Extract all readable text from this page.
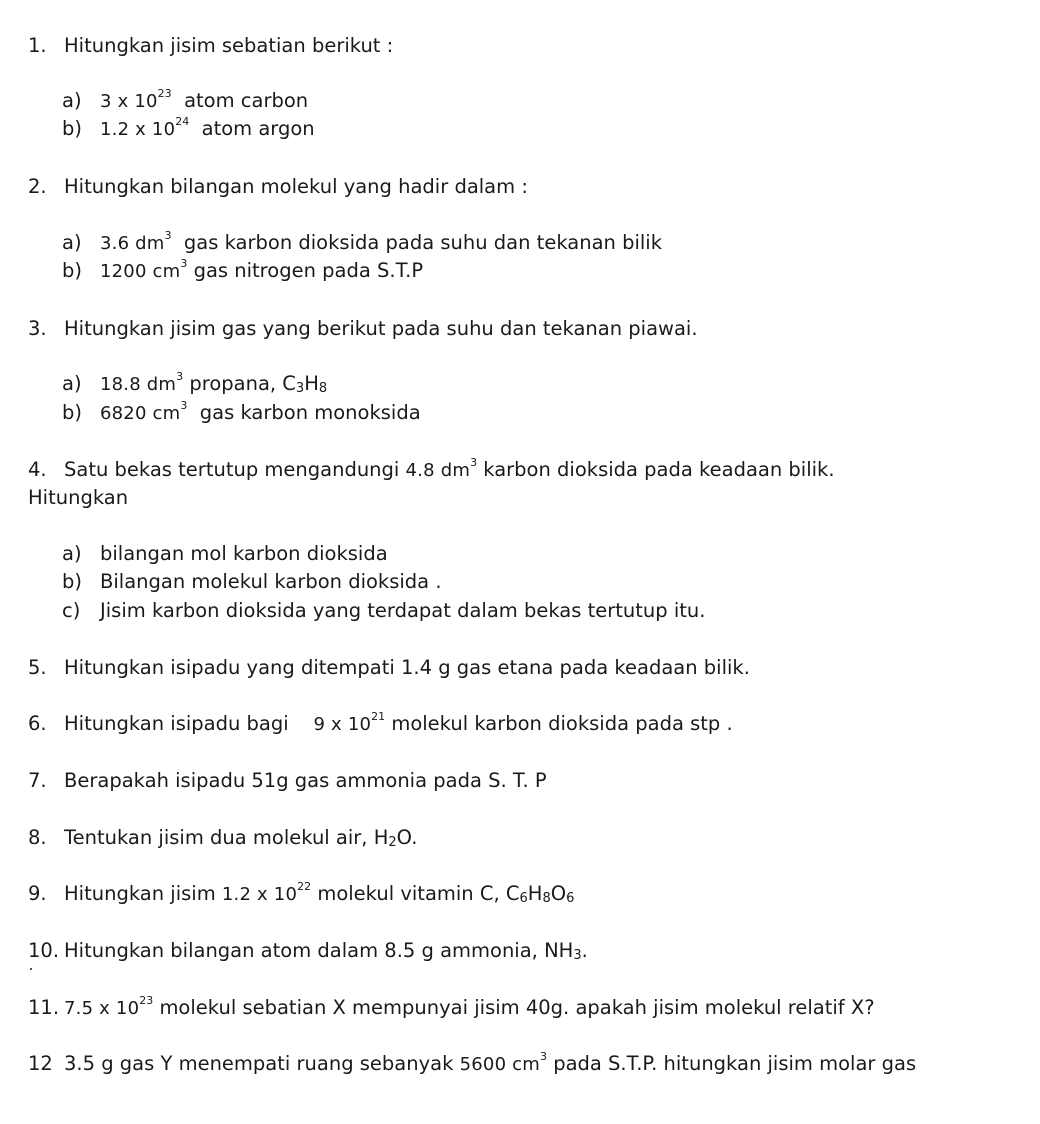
1. Hitungkan jisim sebatian berikut :
a) 3 x $10^{23}$ atom carbon
b) 1.2 x $10^{24}$ atom argon
2. Hitungkan bilangan molekul yang hadir dalam :
a) 3.6 $dm^3$ gas karbon dioksida pada suhu dan tekanan bilik
b) 1200 $cm^3$ gas nitrogen pada S.T.P
3. Hitungkan jisim gas yang berikut pada suhu dan tekanan piawai.
a) 18.8 $dm^3$ propana, C3H8
b) 6820 $cm^3$ gas karbon monoksida
4. Satu bekas tertutup mengandungi 4.8 $dm^3$ karbon dioksida pada keadaan bilik.
Hitungkan
a) bilangan mol karbon dioksida
b) Bilangan molekul karbon dioksida .
c) Jisim karbon dioksida yang terdapat dalam bekas tertutup itu.
5. Hitungkan isipadu yang ditempati 1.4 g gas etana pada keadaan bilik.
6. Hitungkan isipadu bagi 9 x $10^{21}$ molekul karbon dioksida pada stp .
7. Berapakah isipadu 51g gas ammonia pada S. T. P
8. Tentukan jisim dua molekul air, H2O.
9. Hitungkan jisim 1.2 x $10^{22}$ molekul vitamin C, C6H8O6
10. Hitungkan bilangan atom dalam 8.5 g ammonia, NH3.
11. 7.5 x $10^{23}$ molekul sebatian X mempunyai jisim 40g. apakah jisim molekul relatif X?
12 3.5 g gas Y menempati ruang sebanyak 5600 $cm^3$ pada S.T.P. hitungkan jisim molar gas
